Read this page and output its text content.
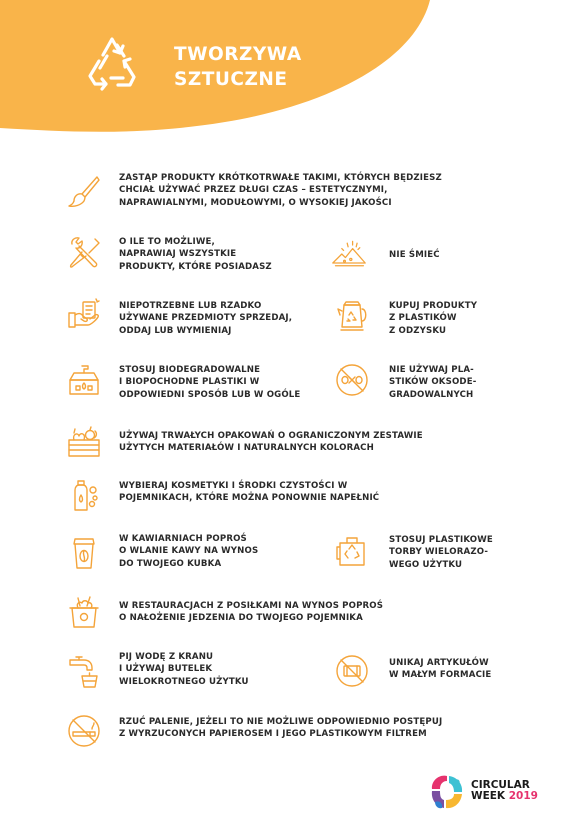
TWORZYWA
SZTUCZNE
ZASTĄP PRODUKTY KRÓTKOTRWAŁE TAKIMI, KTÓRYCH BĘDZIESZ
CHCIAŁ UŻYWAĆ PRZEZ DŁUGI CZAS – ESTETYCZNYMI,
NAPRAWIALNYMI, MODUŁOWYMI, O WYSOKIEJ JAKOŚCI
O ILE TO MOŻLIWE,
NAPRAWIAJ WSZYSTKIE
PRODUKTY, KTÓRE POSIADASZ
NIE ŚMIEĆ
NIEPOTRZEBNE LUB RZADKO
UŻYWANE PRZEDMIOTY SPRZEDAJ,
ODDAJ LUB WYMIENIAJ
KUPUJ PRODUKTY
Z PLASTIKÓW
Z ODZYSKU
STOSUJ BIODEGRADOWALNE
I BIOPOCHODNE PLASTIKI W
ODPOWIEDNI SPOSÓB LUB W OGÓLE
NIE UŻYWAJ PLA-
STIKÓW OKSODE-
GRADOWALNYCH
UŻYWAJ TRWAŁYCH OPAKOWAŃ O OGRANICZONYM ZESTAWIE
UŻYTYCH MATERIAŁÓW I NATURALNYCH KOLORACH
WYBIERAJ KOSMETYKI I ŚRODKI CZYSTOŚCI W
POJEMNIKACH, KTÓRE MOŻNA PONOWNIE NAPEŁNIĆ
W KAWIARNIACH POPROŚ
O WLANIE KAWY NA WYNOS
DO TWOJEGO KUBKA
STOSUJ PLASTIKOWE
TORBY WIELORAZO-
WEGO UŻYTKU
W RESTAURACJACH Z POSIŁKAMI NA WYNOS POPROŚ
O NAŁOŻENIE JEDZENIA DO TWOJEGO POJEMNIKA
PIJ WODĘ Z KRANU
I UŻYWAJ BUTELEK
WIELOKROTNEGO UŻYTKU
UNIKAJ ARTYKUŁÓW
W MAŁYM FORMACIE
RZUĆ PALENIE, JEŻELI TO NIE MOŻLIWE ODPOWIEDNIO POSTĘPUJ
Z WYRZUCONYCH PAPIEROSEM I JEGO PLASTIKOWYM FILTREM
CIRCULAR
WEEK 2019
